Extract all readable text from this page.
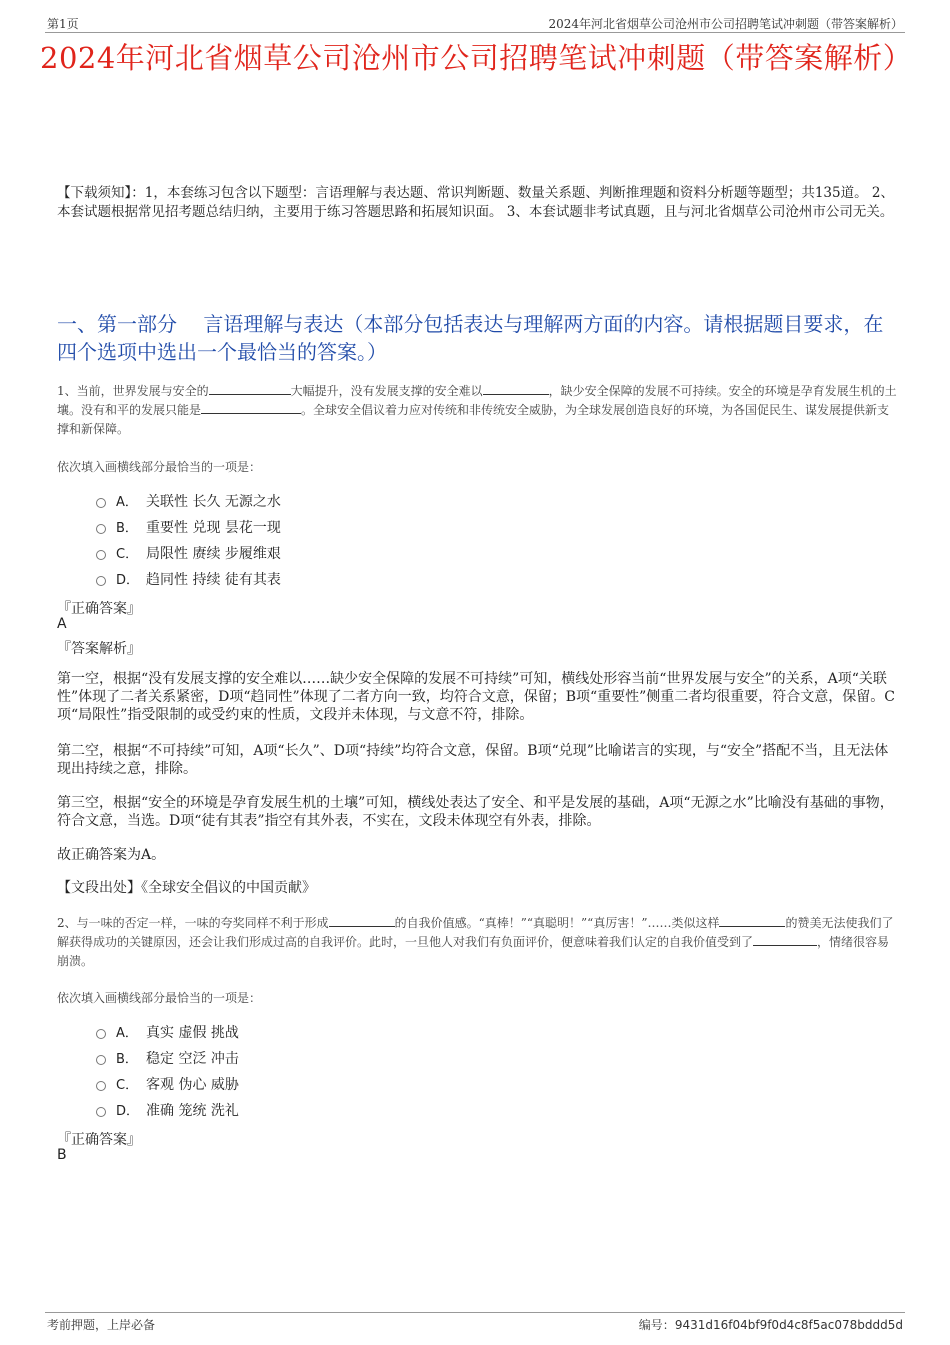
第1页	2024年河北省烟草公司沧州市公司招聘笔试冲刺题（带答案解析）
2024年河北省烟草公司沧州市公司招聘笔试冲刺题（带答案解析）
【下载须知】：1，本套练习包含以下题型：言语理解与表达题、常识判断题、数量关系题、判断推理题和资料分析题等题型；共135道。 2、本套试题根据常见招考题总结归纳，主要用于练习答题思路和拓展知识面。 3、本套试题非考试真题，且与河北省烟草公司沧州市公司无关。
一、第一部分　 言语理解与表达（本部分包括表达与理解两方面的内容。请根据题目要求，在四个选项中选出一个最恰当的答案。）
1、当前，世界发展与安全的	大幅提升，没有发展支撑的安全难以	，缺少安全保障的发展不可持续。安全的环境是孕育发展生机的土壤。没有和平的发展只能是	。全球安全倡议着力应对传统和非传统安全威胁，为全球发展创造良好的环境，为各国促民生、谋发展提供新支撑和新保障。
依次填入画横线部分最恰当的一项是：
A． 关联性 长久 无源之水
B． 重要性 兑现 昙花一现
C． 局限性 赓续 步履维艰
D． 趋同性 持续 徒有其表
『正确答案』
A
『答案解析』
第一空，根据“没有发展支撑的安全难以……缺少安全保障的发展不可持续”可知，横线处形容当前“世界发展与安全”的关系，A项“关联性”体现了二者关系紧密，D项“趋同性”体现了二者方向一致，均符合文意，保留；B项“重要性”侧重二者均很重要，符合文意，保留。C项“局限性”指受限制的或受约束的性质，文段并未体现，与文意不符，排除。
第二空，根据“不可持续”可知，A项“长久”、D项“持续”均符合文意，保留。B项“兑现”比喻诺言的实现，与“安全”搭配不当，且无法体现出持续之意，排除。
第三空，根据“安全的环境是孕育发展生机的土壤”可知，横线处表达了安全、和平是发展的基础，A项“无源之水”比喻没有基础的事物，符合文意，当选。D项“徒有其表”指空有其外表，不实在，文段未体现空有外表，排除。
故正确答案为A。
【文段出处】《全球安全倡议的中国贡献》
2、与一味的否定一样，一味的夸奖同样不利于形成	的自我价值感。“真棒！”“真聪明！”“真厉害！”……类似这样	的赞美无法使我们了解获得成功的关键原因，还会让我们形成过高的自我评价。此时，一旦他人对我们有负面评价，便意味着我们认定的自我价值受到了	，情绪很容易崩溃。
依次填入画横线部分最恰当的一项是：
A． 真实 虚假 挑战
B． 稳定 空泛 冲击
C． 客观 伪心 威胁
D． 准确 笼统 洗礼
『正确答案』
B
考前押题，上岸必备	编号：9431d16f04bf9f0d4c8f5ac078bddd5d
